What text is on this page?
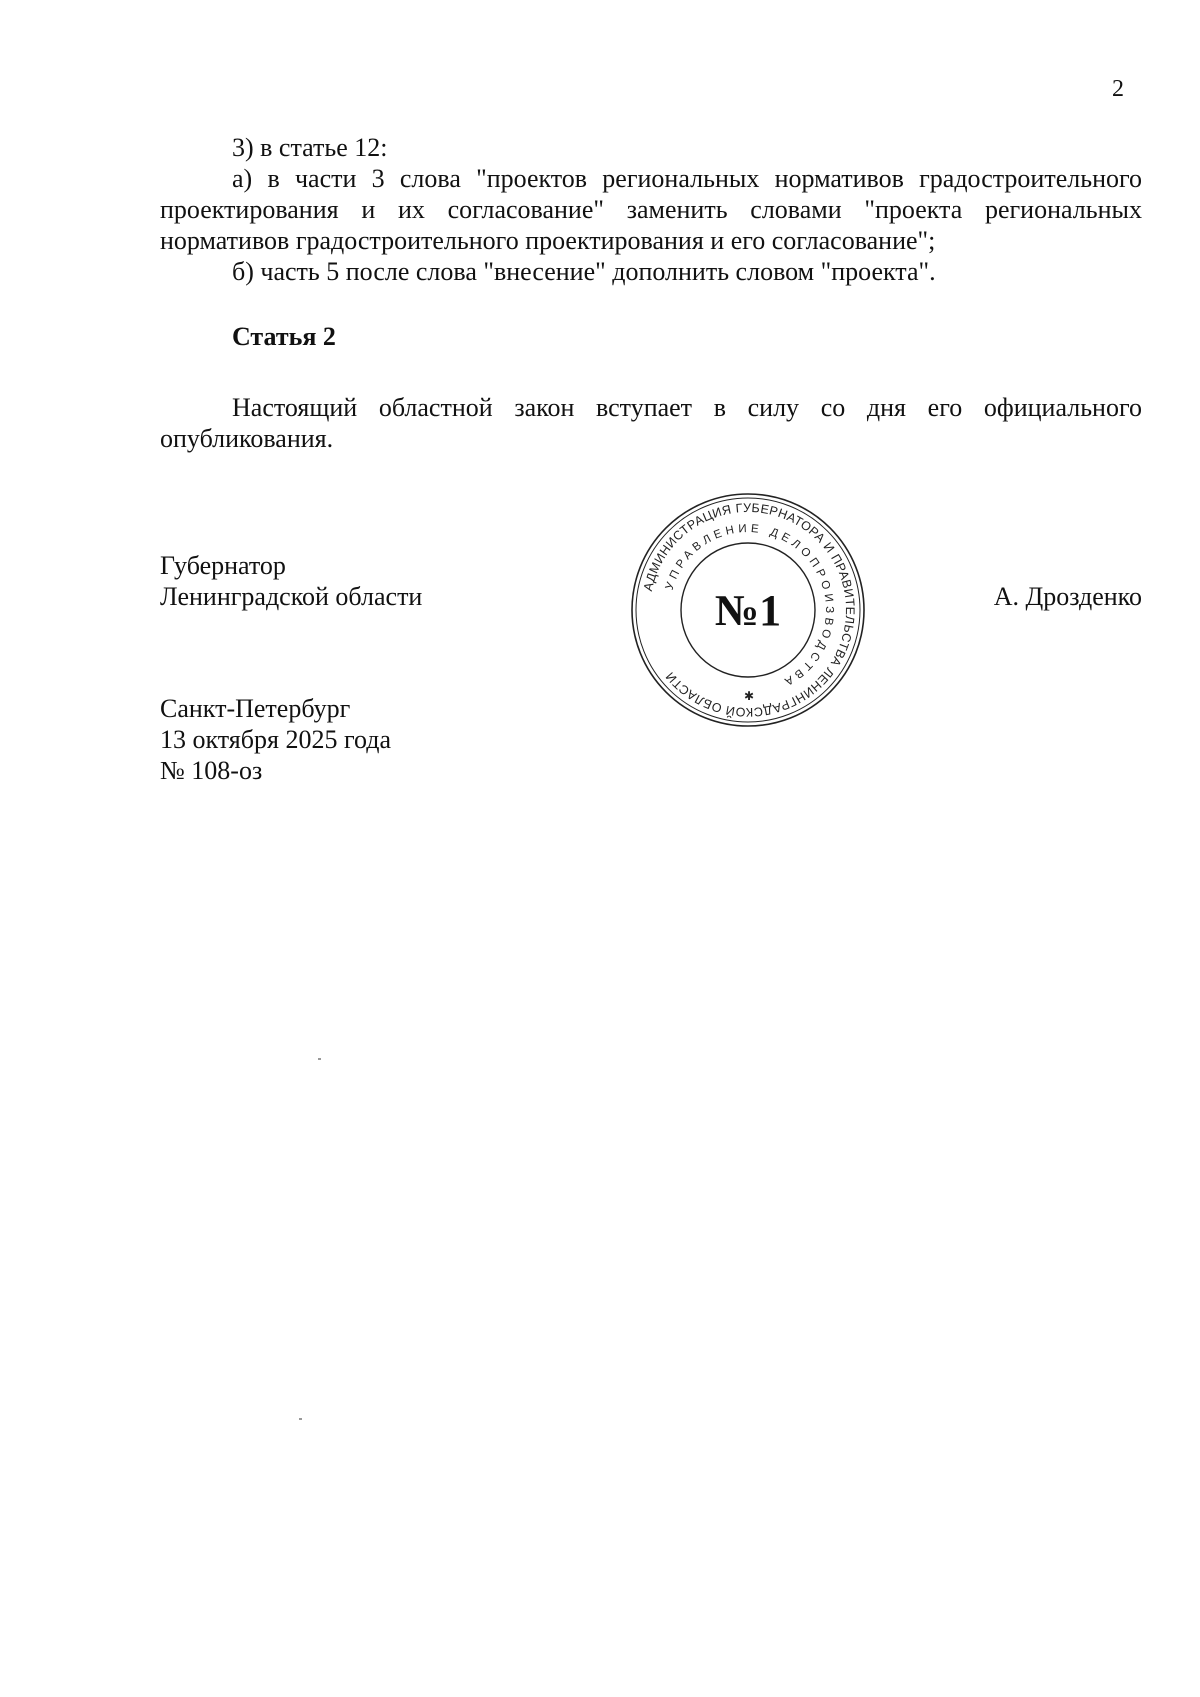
2

3) в статье 12:

а) в части 3 слова "проектов региональных нормативов градостроительного проектирования и их согласование" заменить словами "проекта региональных нормативов градостроительного проектирования и его согласование";

б) часть 5 после слова "внесение" дополнить словом "проекта".

Статья 2

Настоящий областной закон вступает в силу со дня его официального опубликования.

Губернатор
Ленинградской области	АДМИНИСТРАЦИЯ ГУБЕРНАТОРА И ПРАВИТЕЛЬСТВА ЛЕНИНГРАДСКОЙ ОБЛАСТИ
УПРАВЛЕНИЕ ДЕЛОПРОИЗВОДСТВА
№1
✱
А. Дрозденко
Санкт-Петербург
13 октября 2025 года
№ 108-оз
